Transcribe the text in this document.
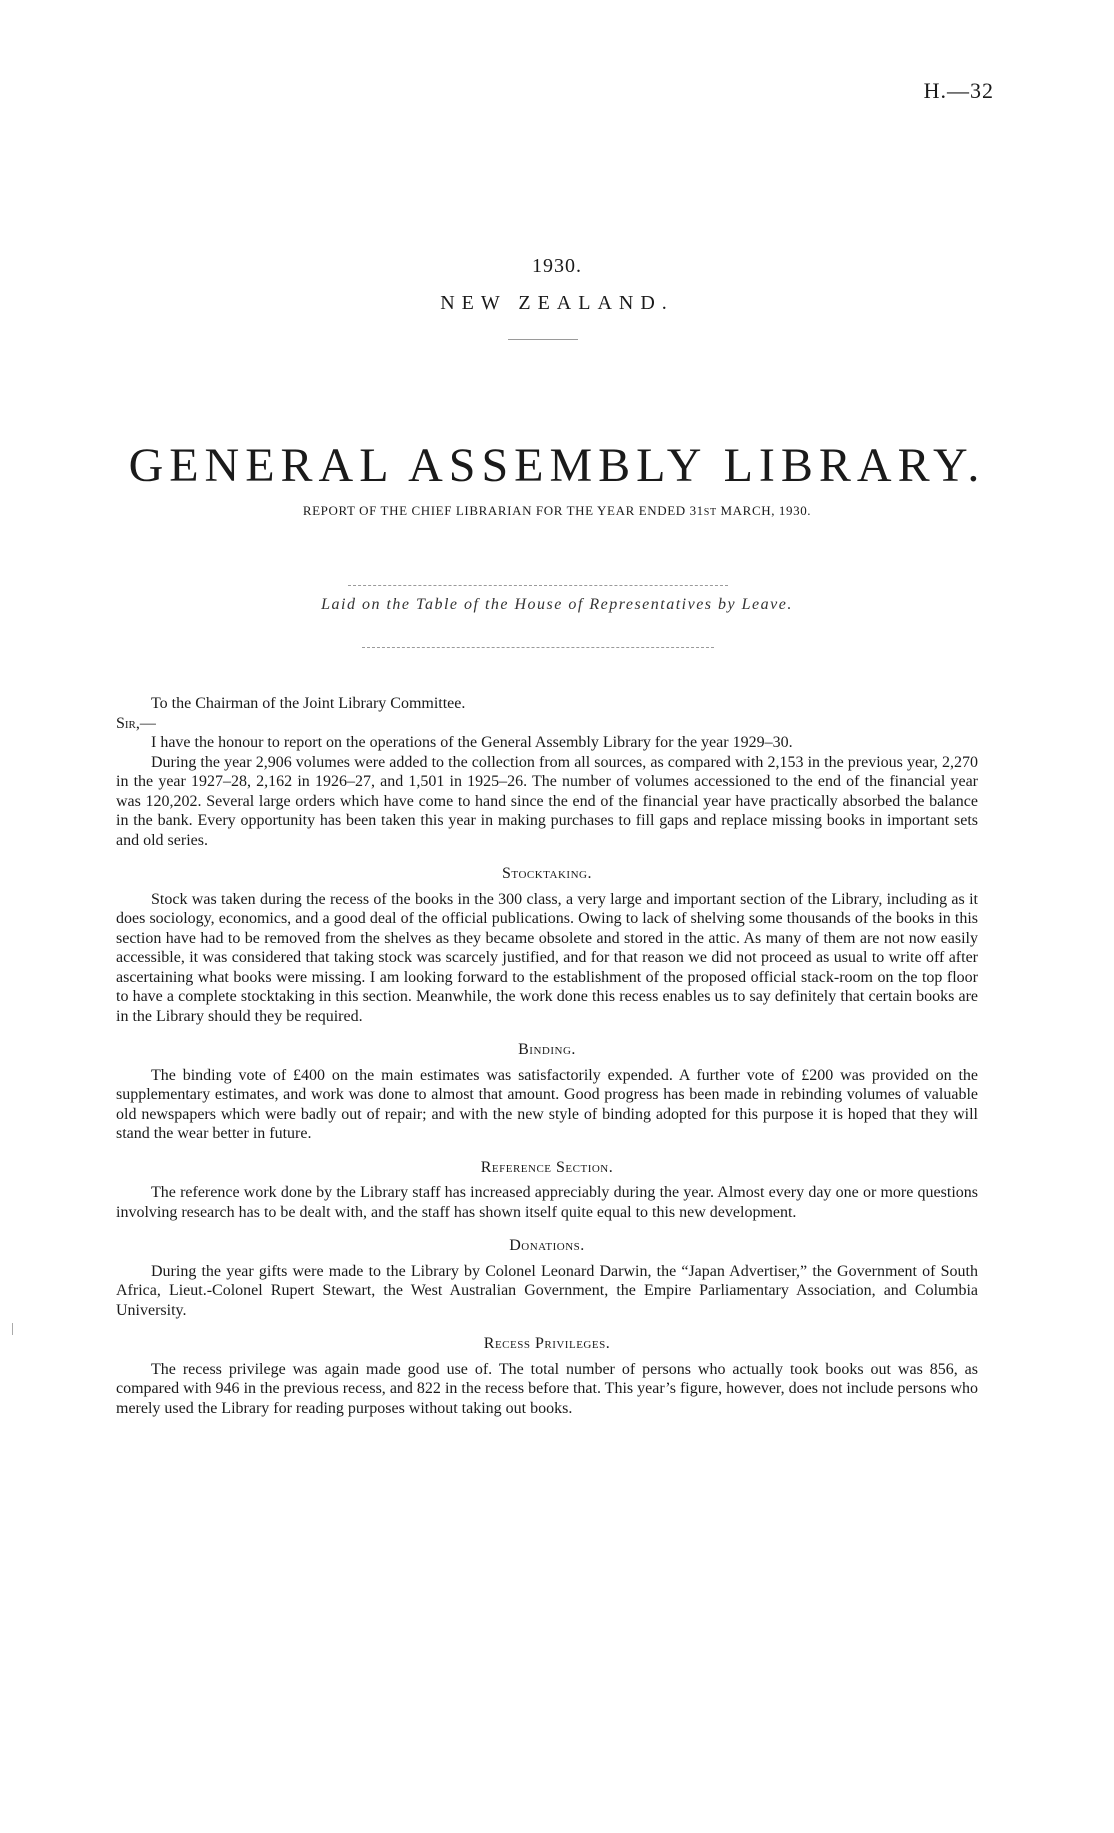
H.—32
1930.
NEW ZEALAND.
GENERAL ASSEMBLY LIBRARY.
REPORT OF THE CHIEF LIBRARIAN FOR THE YEAR ENDED 31ST MARCH, 1930.
Laid on the Table of the House of Representatives by Leave.

To the Chairman of the Joint Library Committee.

Sir,—

I have the honour to report on the operations of the General Assembly Library for the year 1929–30.

During the year 2,906 volumes were added to the collection from all sources, as compared with 2,153 in the previous year, 2,270 in the year 1927–28, 2,162 in 1926–27, and 1,501 in 1925–26. The number of volumes accessioned to the end of the financial year was 120,202. Several large orders which have come to hand since the end of the financial year have practically absorbed the balance in the bank. Every opportunity has been taken this year in making purchases to fill gaps and replace missing books in important sets and old series.

Stocktaking.

Stock was taken during the recess of the books in the 300 class, a very large and important section of the Library, including as it does sociology, economics, and a good deal of the official publications. Owing to lack of shelving some thousands of the books in this section have had to be removed from the shelves as they became obsolete and stored in the attic. As many of them are not now easily accessible, it was considered that taking stock was scarcely justified, and for that reason we did not proceed as usual to write off after ascertaining what books were missing. I am looking forward to the establishment of the proposed official stack-room on the top floor to have a complete stocktaking in this section. Meanwhile, the work done this recess enables us to say definitely that certain books are in the Library should they be required.

Binding.

The binding vote of £400 on the main estimates was satisfactorily expended. A further vote of £200 was provided on the supplementary estimates, and work was done to almost that amount. Good progress has been made in rebinding volumes of valuable old newspapers which were badly out of repair; and with the new style of binding adopted for this purpose it is hoped that they will stand the wear better in future.

Reference Section.

The reference work done by the Library staff has increased appreciably during the year. Almost every day one or more questions involving research has to be dealt with, and the staff has shown itself quite equal to this new development.

Donations.

During the year gifts were made to the Library by Colonel Leonard Darwin, the “Japan Advertiser,” the Government of South Africa, Lieut.-Colonel Rupert Stewart, the West Australian Government, the Empire Parliamentary Association, and Columbia University.

Recess Privileges.

The recess privilege was again made good use of. The total number of persons who actually took books out was 856, as compared with 946 in the previous recess, and 822 in the recess before that. This year’s figure, however, does not include persons who merely used the Library for reading purposes without taking out books.
